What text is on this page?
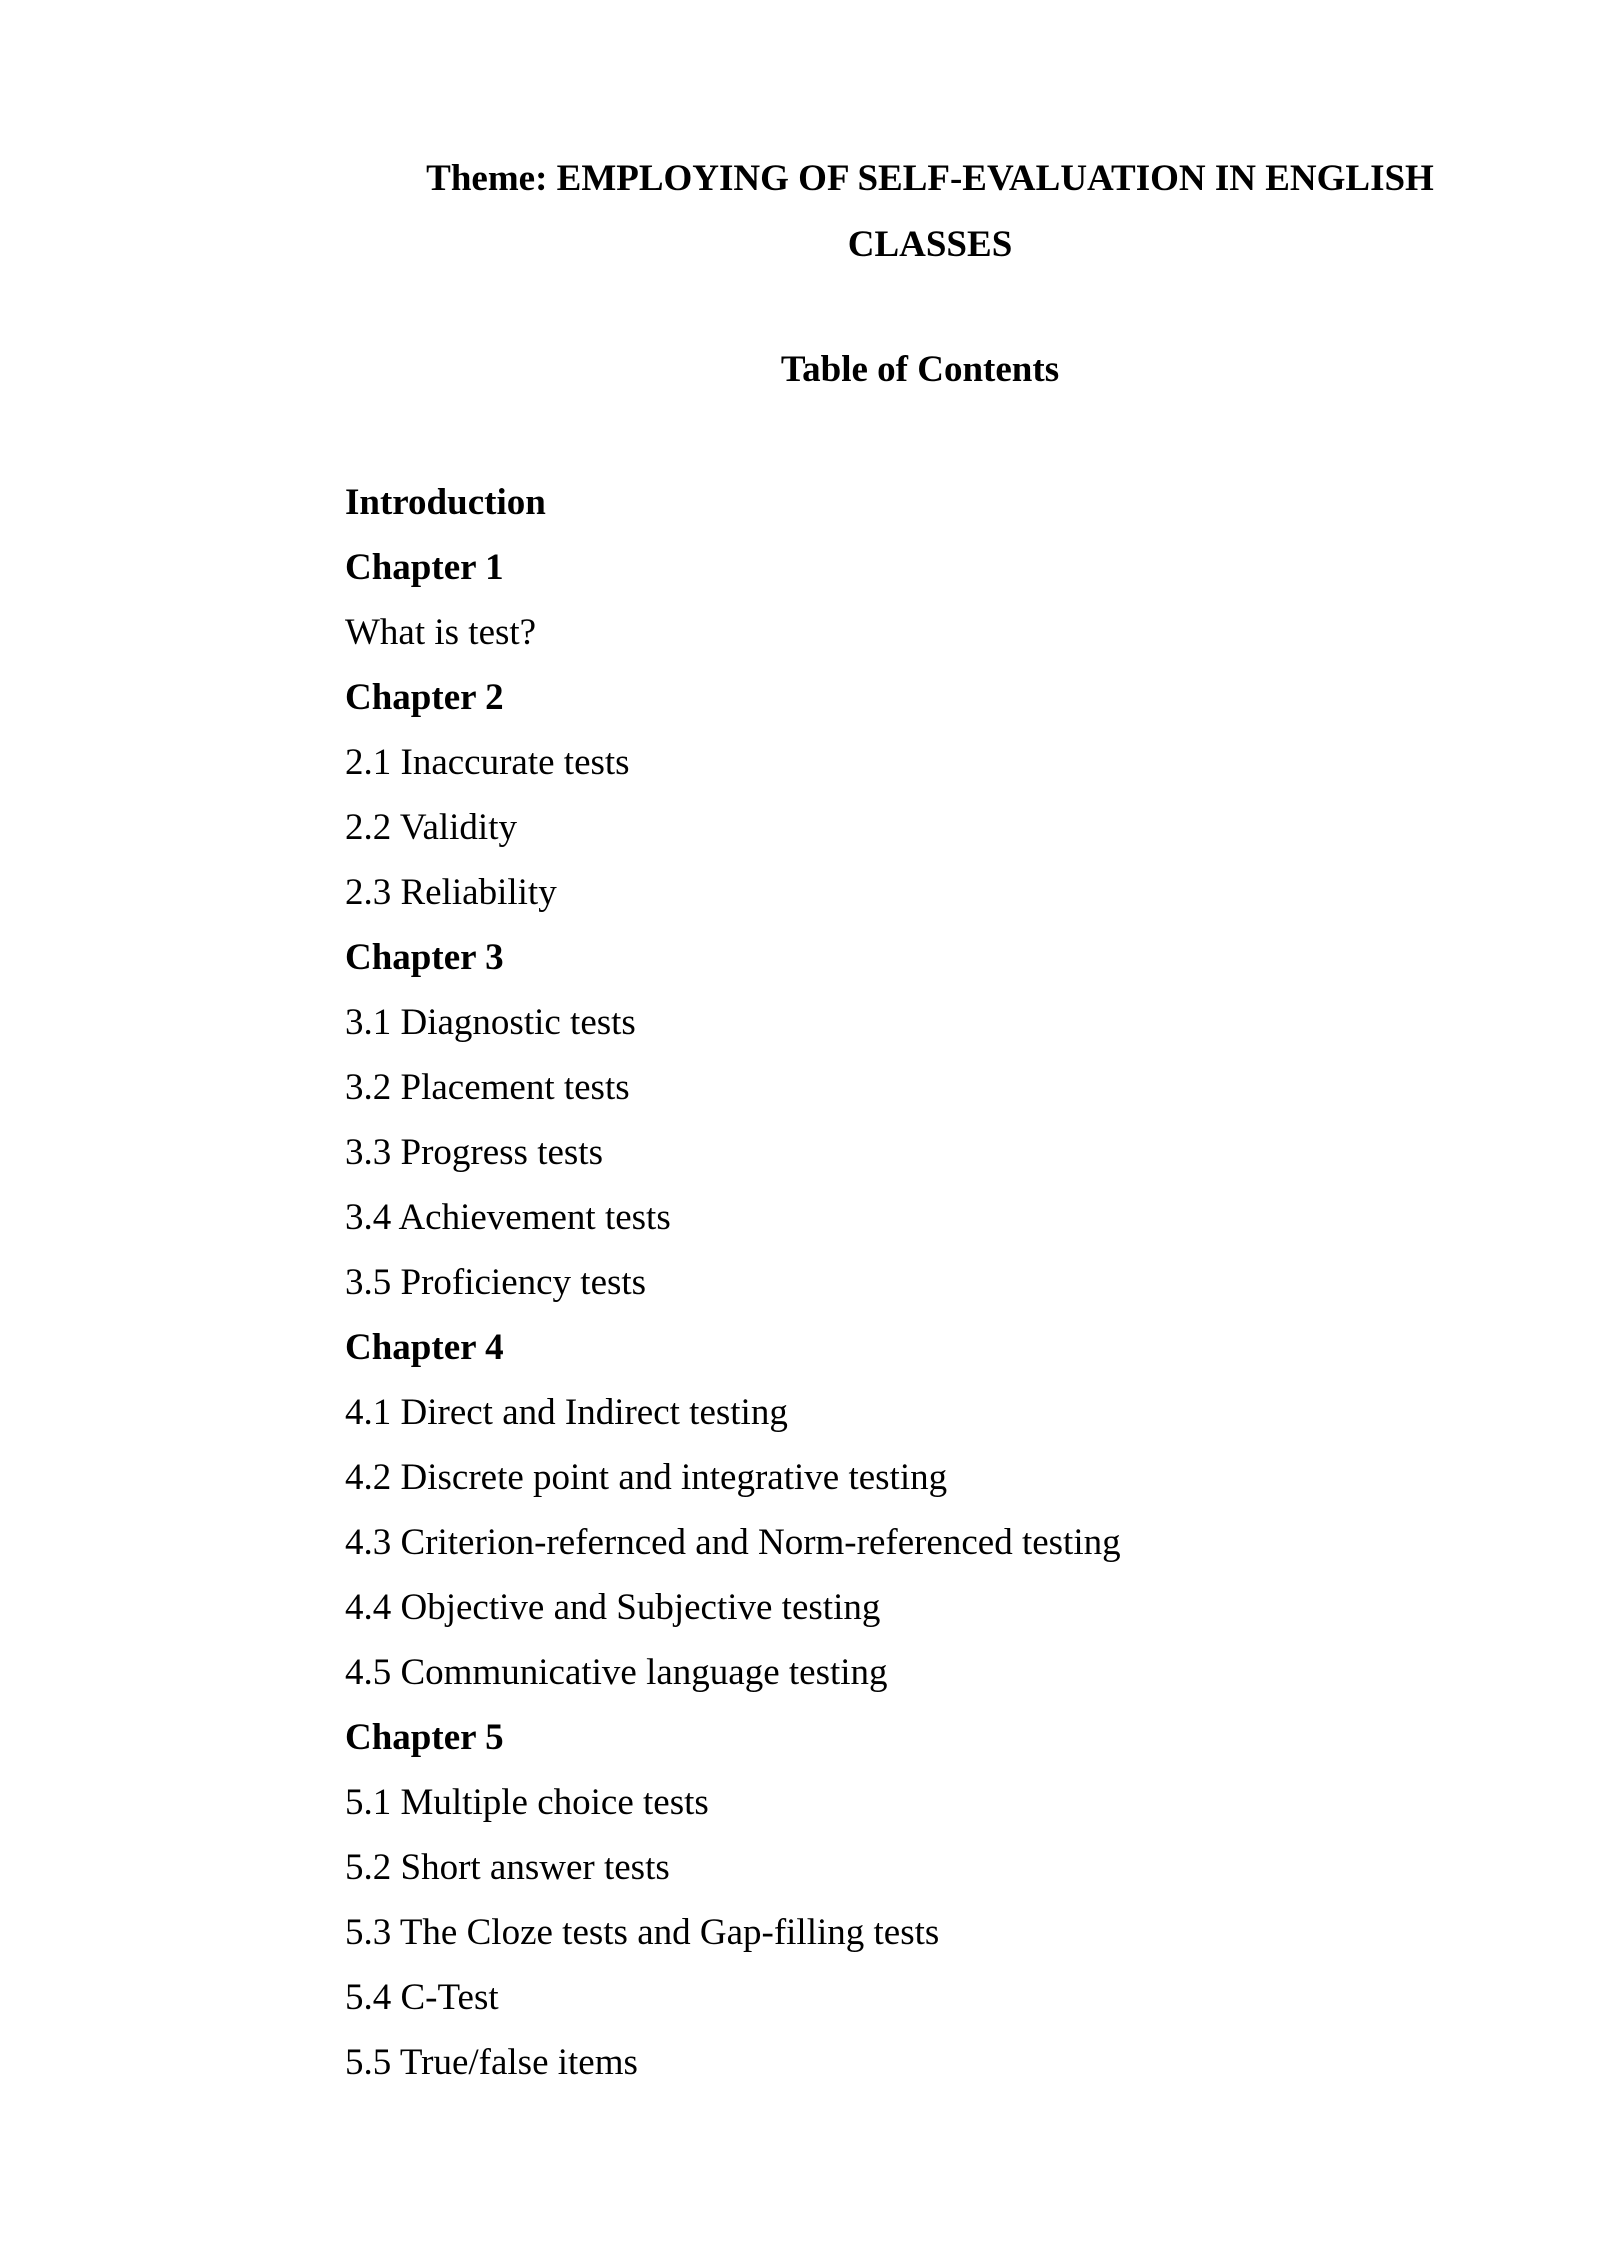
Theme: EMPLOYING OF SELF-EVALUATION IN ENGLISH CLASSES
Table of Contents
Introduction
Chapter 1
What is test?
Chapter 2
2.1 Inaccurate tests
2.2 Validity
2.3 Reliability
Chapter 3
3.1 Diagnostic tests
3.2 Placement tests
3.3 Progress tests
3.4 Achievement tests
3.5 Proficiency tests
Chapter 4
4.1 Direct and Indirect testing
4.2 Discrete point and integrative testing
4.3 Criterion-refernced and Norm-referenced testing
4.4 Objective and Subjective testing
4.5 Communicative language testing
Chapter 5
5.1 Multiple choice tests
5.2 Short answer tests
5.3 The Cloze tests and Gap-filling tests
5.4 C-Test
5.5 True/false items
